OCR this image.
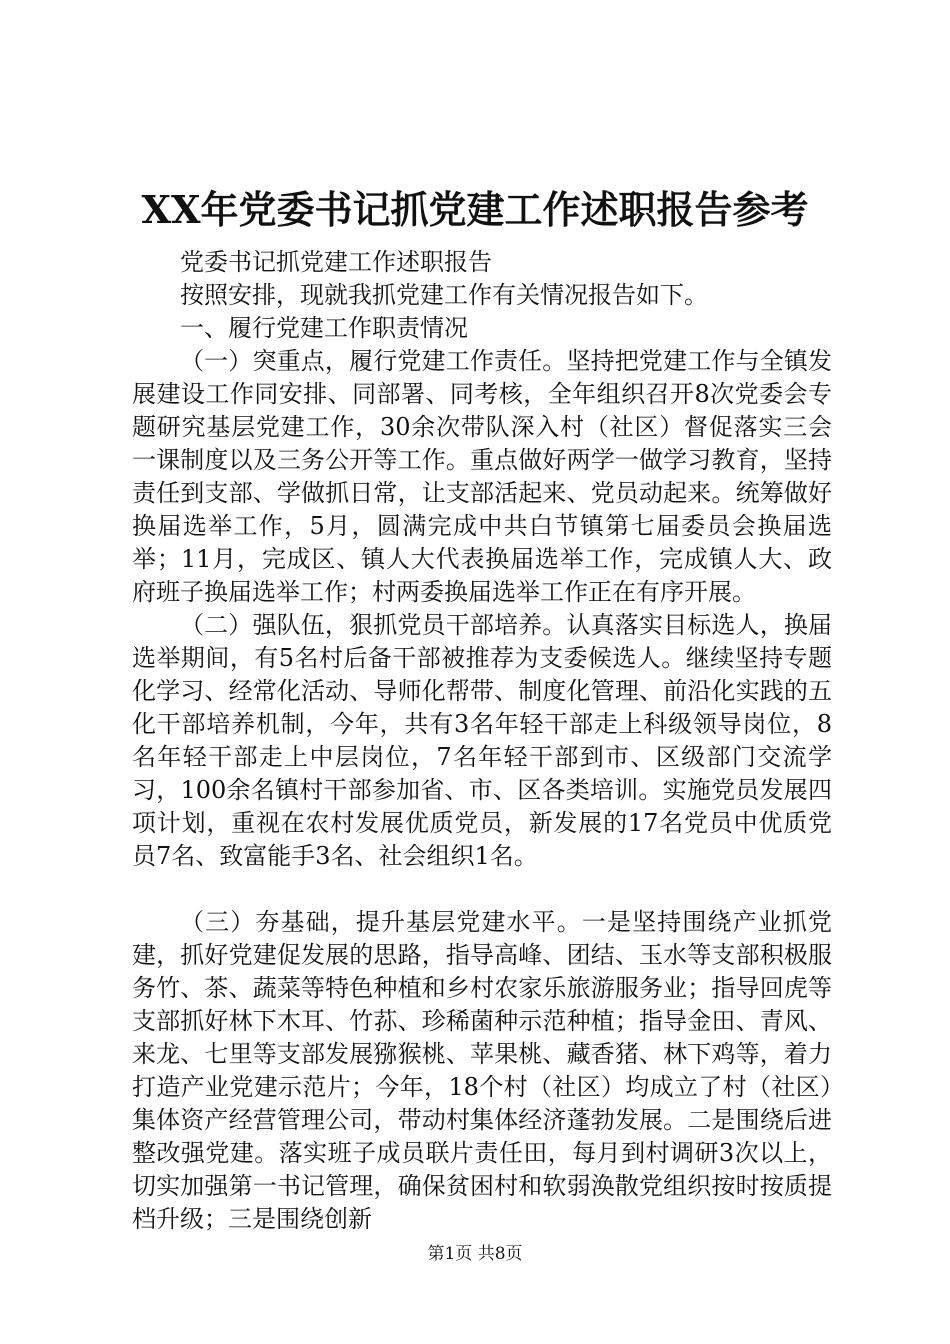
XX年党委书记抓党建工作述职报告参考

党委书记抓党建工作述职报告

按照安排，现就我抓党建工作有关情况报告如下。

一、履行党建工作职责情况

（一）突重点，履行党建工作责任。坚持把党建工作与全镇发展建设工作同安排、同部署、同考核，全年组织召开8次党委会专题研究基层党建工作，30余次带队深入村（社区）督促落实三会一课制度以及三务公开等工作。重点做好两学一做学习教育，坚持责任到支部、学做抓日常，让支部活起来、党员动起来。统筹做好换届选举工作，5月，圆满完成中共白节镇第七届委员会换届选举；11月，完成区、镇人大代表换届选举工作，完成镇人大、政府班子换届选举工作；村两委换届选举工作正在有序开展。

（二）强队伍，狠抓党员干部培养。认真落实目标选人，换届选举期间，有5名村后备干部被推荐为支委候选人。继续坚持专题化学习、经常化活动、导师化帮带、制度化管理、前沿化实践的五化干部培养机制，今年，共有3名年轻干部走上科级领导岗位，8名年轻干部走上中层岗位，7名年轻干部到市、区级部门交流学习，100余名镇村干部参加省、市、区各类培训。实施党员发展四项计划，重视在农村发展优质党员，新发展的17名党员中优质党员7名、致富能手3名、社会组织1名。

（三）夯基础，提升基层党建水平。一是坚持围绕产业抓党建，抓好党建促发展的思路，指导高峰、团结、玉水等支部积极服务竹、茶、蔬菜等特色种植和乡村农家乐旅游服务业；指导回虎等支部抓好林下木耳、竹荪、珍稀菌种示范种植；指导金田、青风、来龙、七里等支部发展猕猴桃、苹果桃、藏香猪、林下鸡等，着力打造产业党建示范片；今年，18个村（社区）均成立了村（社区）集体资产经营管理公司，带动村集体经济蓬勃发展。二是围绕后进整改强党建。落实班子成员联片责任田，每月到村调研3次以上，切实加强第一书记管理，确保贫困村和软弱涣散党组织按时按质提档升级；三是围绕创新

第1页 共8页
